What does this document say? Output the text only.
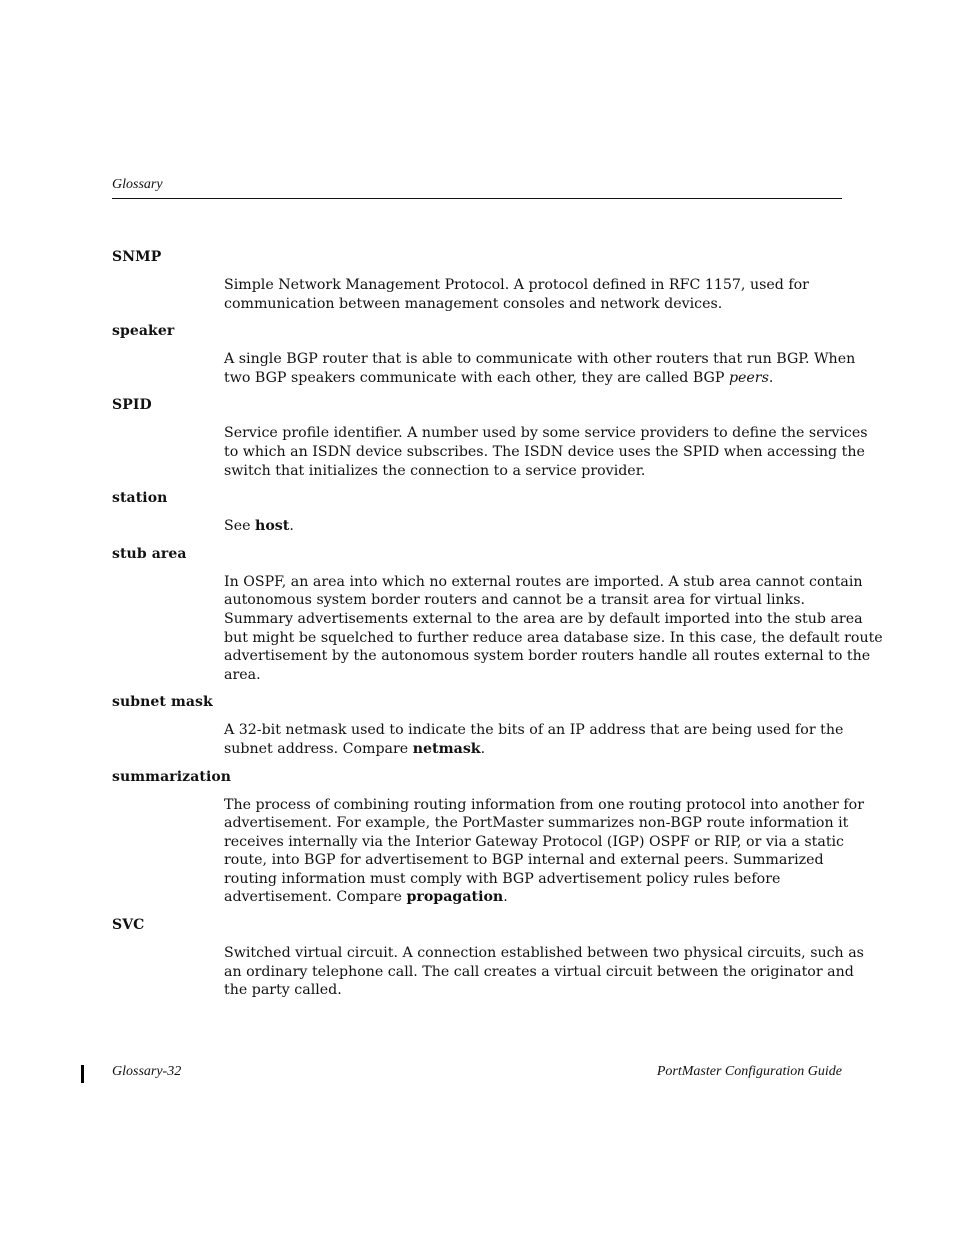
Glossary
SNMP
Simple Network Management Protocol. A protocol defined in RFC 1157, used for
communication between management consoles and network devices.
speaker
A single BGP router that is able to communicate with other routers that run BGP. When
two BGP speakers communicate with each other, they are called BGP peers.
SPID
Service profile identifier. A number used by some service providers to define the services
to which an ISDN device subscribes. The ISDN device uses the SPID when accessing the
switch that initializes the connection to a service provider.
station
See host.
stub area
In OSPF, an area into which no external routes are imported. A stub area cannot contain
autonomous system border routers and cannot be a transit area for virtual links.
Summary advertisements external to the area are by default imported into the stub area
but might be squelched to further reduce area database size. In this case, the default route
advertisement by the autonomous system border routers handle all routes external to the
area.
subnet mask
A 32-bit netmask used to indicate the bits of an IP address that are being used for the
subnet address. Compare netmask.
summarization
The process of combining routing information from one routing protocol into another for
advertisement. For example, the PortMaster summarizes non-BGP route information it
receives internally via the Interior Gateway Protocol (IGP) OSPF or RIP, or via a static
route, into BGP for advertisement to BGP internal and external peers. Summarized
routing information must comply with BGP advertisement policy rules before
advertisement. Compare propagation.
SVC
Switched virtual circuit. A connection established between two physical circuits, such as
an ordinary telephone call. The call creates a virtual circuit between the originator and
the party called.
Glossary-32	PortMaster Configuration Guide
